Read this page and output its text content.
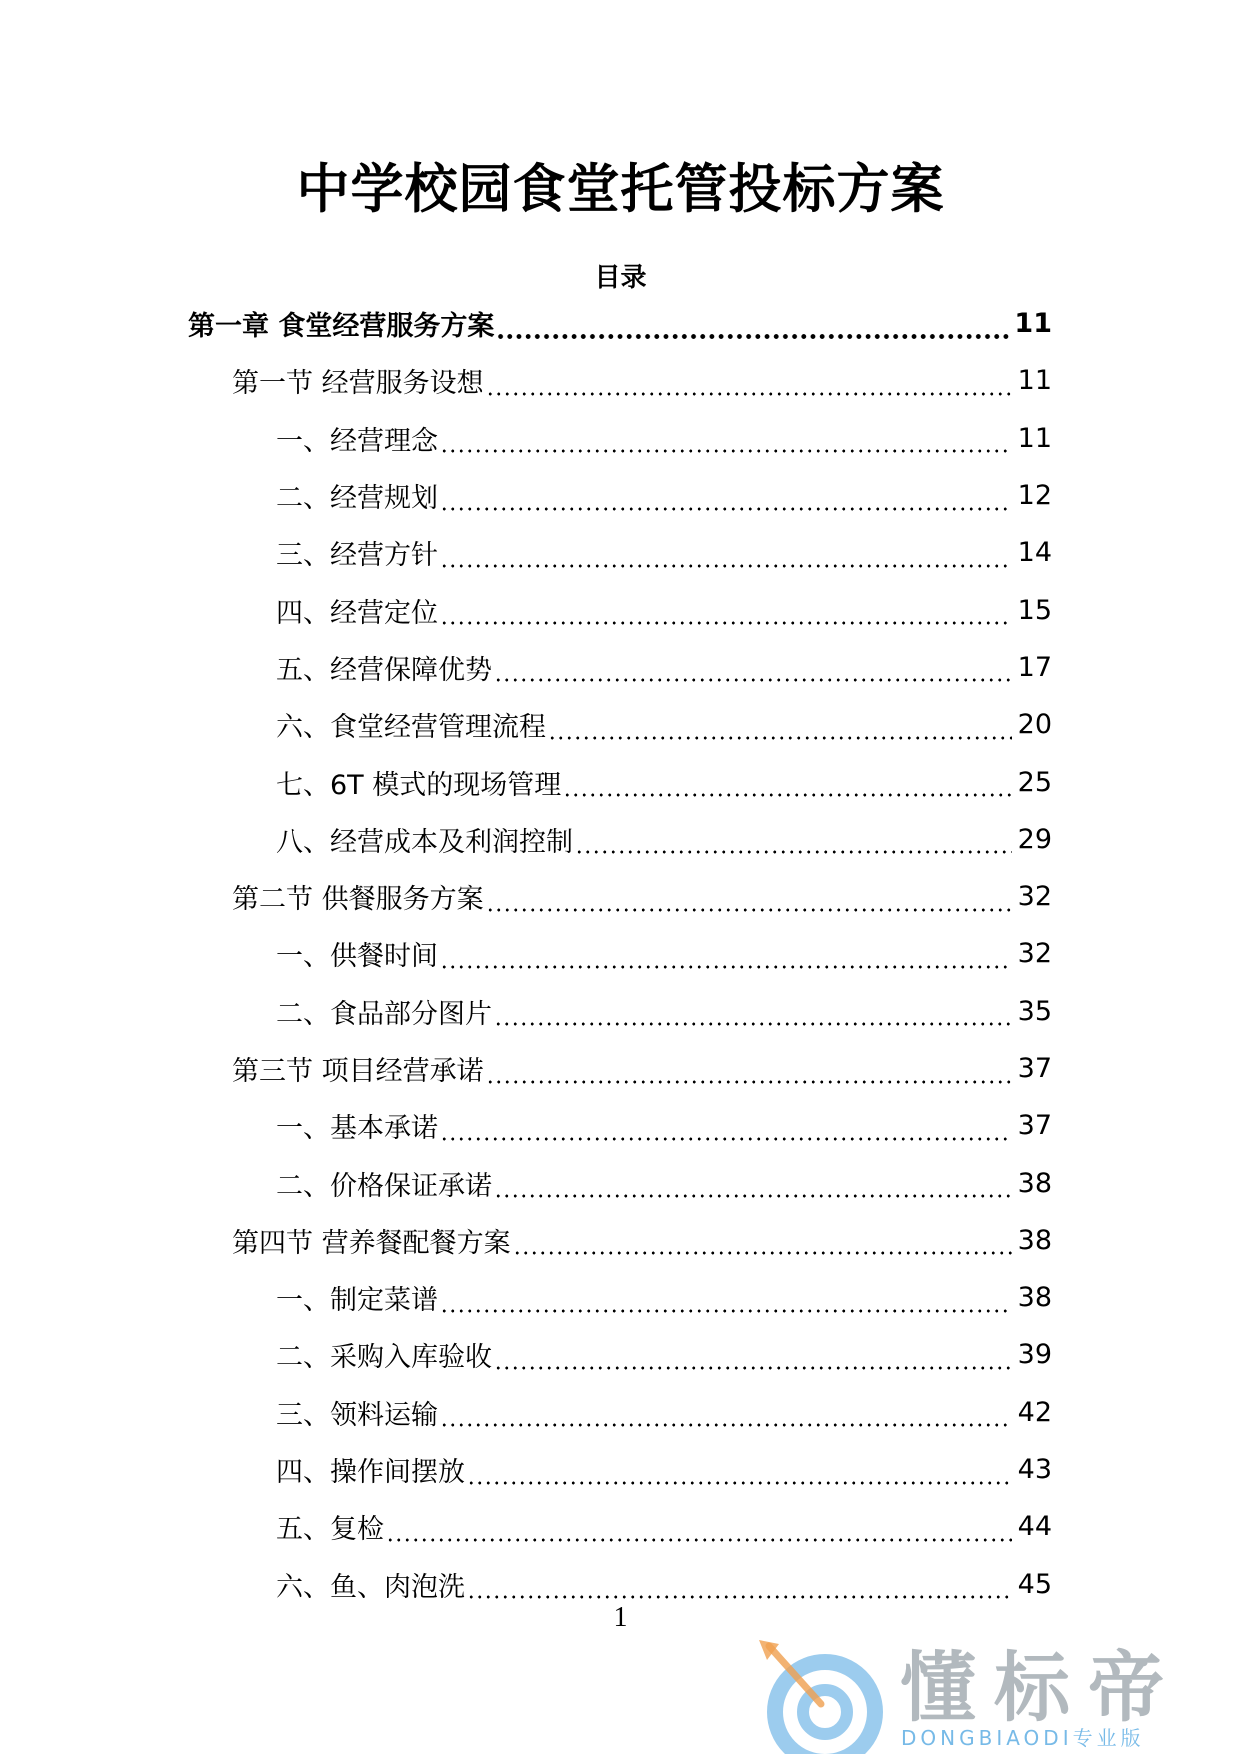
中学校园食堂托管投标方案
目录
第一章 食堂经营服务方案	11
第一节 经营服务设想	11
一、经营理念	11
二、经营规划	12
三、经营方针	14
四、经营定位	15
五、经营保障优势	17
六、食堂经营管理流程	20
七、6T 模式的现场管理	25
八、经营成本及利润控制	29
第二节 供餐服务方案	32
一、供餐时间	32
二、食品部分图片	35
第三节 项目经营承诺	37
一、基本承诺	37
二、价格保证承诺	38
第四节 营养餐配餐方案	38
一、制定菜谱	38
二、采购入库验收	39
三、领料运输	42
四、操作间摆放	43
五、复检	44
六、鱼、肉泡洗	45
1
懂标帝
DONGBIAODI专业版
